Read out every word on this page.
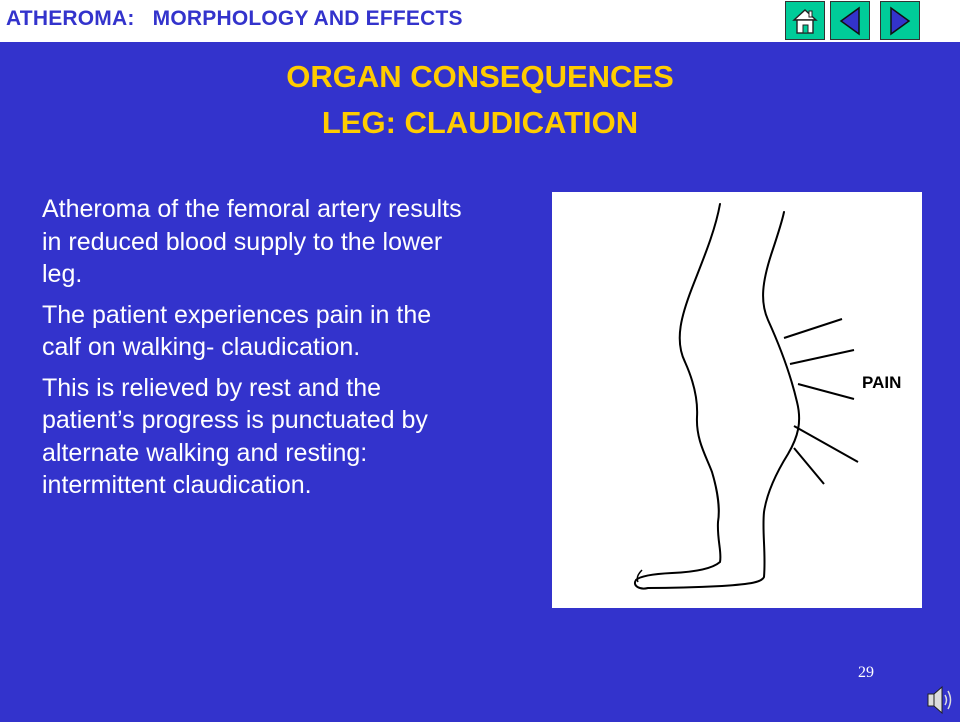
ATHEROMA:   MORPHOLOGY AND EFFECTS
ORGAN CONSEQUENCES
LEG: CLAUDICATION

Atheroma of the femoral artery results in reduced blood supply to the lower leg.

The patient experiences pain in the calf on walking- claudication.

This is relieved by rest and the patient’s progress is punctuated by alternate walking and resting: intermittent claudication.

PAIN
29
